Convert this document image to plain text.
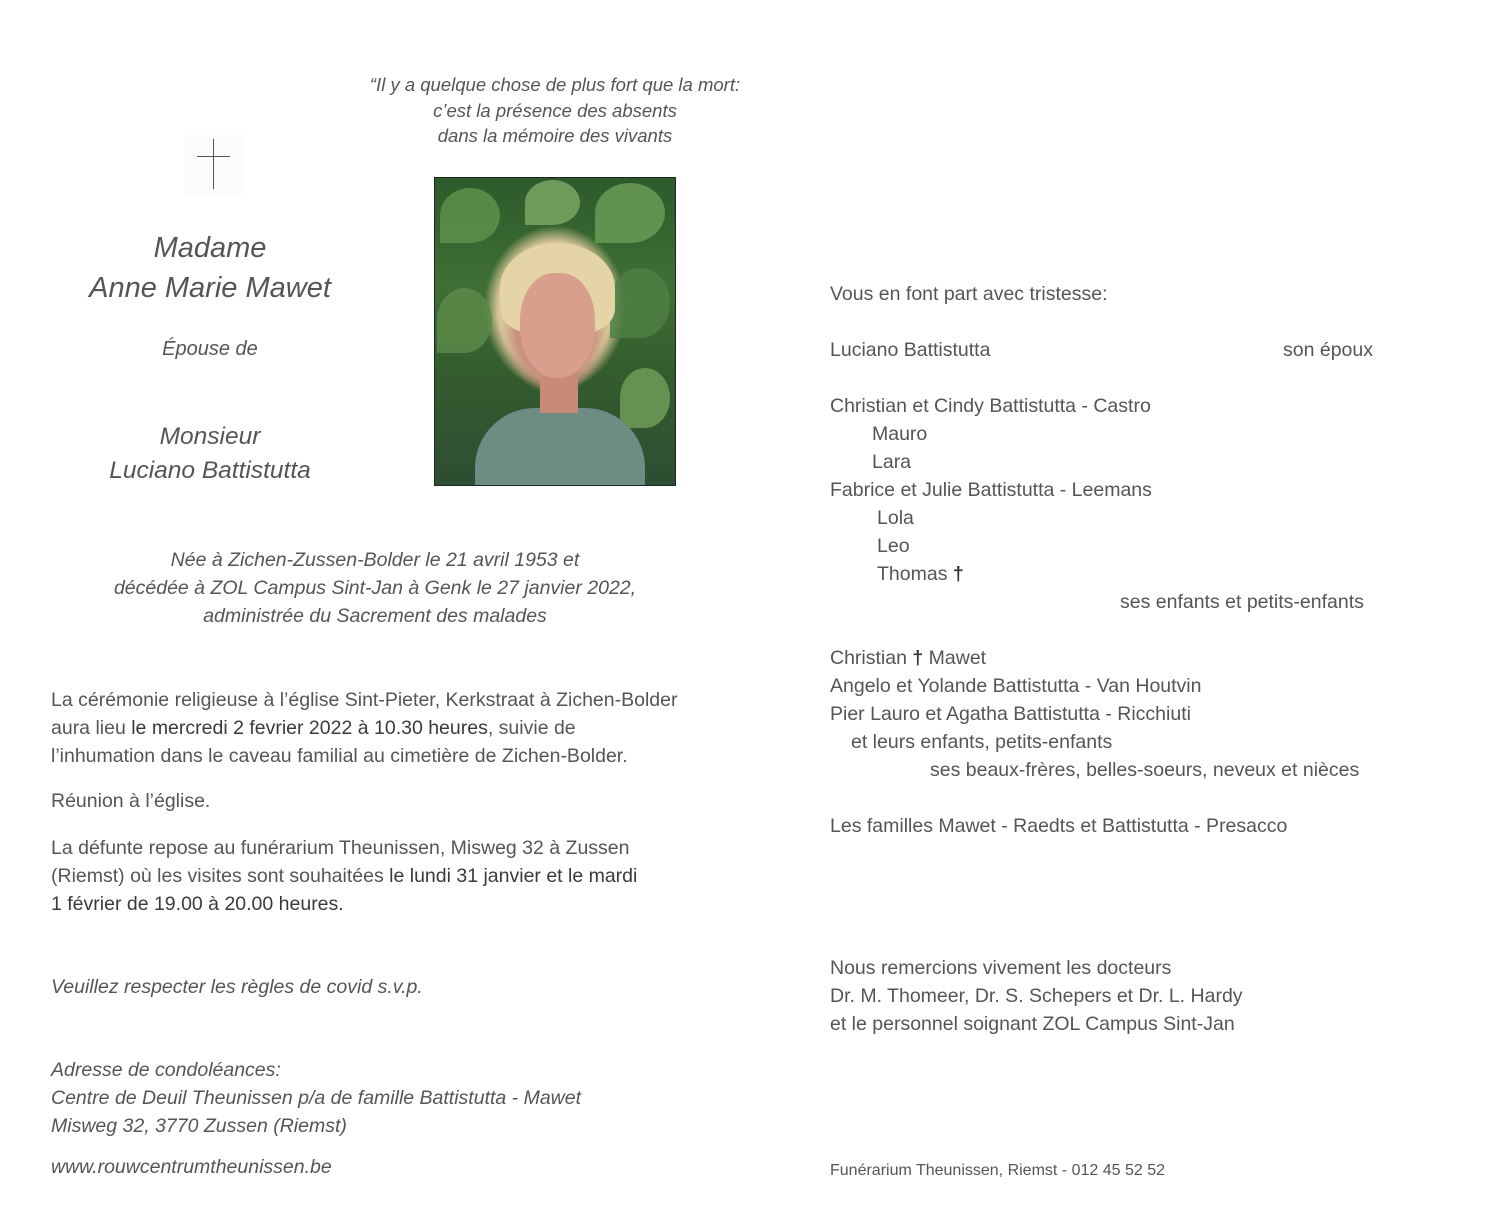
“Il y a quelque chose de plus fort que la mort:
c’est la présence des absents
dans la mémoire des vivants
Madame
Anne Marie Mawet
Épouse de
Monsieur
Luciano Battistutta
Née à Zichen-Zussen-Bolder le 21 avril 1953 et
décédée à ZOL Campus Sint-Jan à Genk le 27 janvier 2022,
administrée du Sacrement des malades
La cérémonie religieuse à l’église Sint-Pieter, Kerkstraat à Zichen-Bolder
aura lieu le mercredi 2 fevrier 2022 à 10.30 heures, suivie de
l’inhumation dans le caveau familial au cimetière de Zichen-Bolder.
Réunion à l’église.
La défunte repose au funérarium Theunissen, Misweg 32 à Zussen
(Riemst) où les visites sont souhaitées le lundi 31 janvier et le mardi
1 février de 19.00 à 20.00 heures.
Veuillez respecter les règles de covid s.v.p.
Adresse de condoléances:
Centre de Deuil Theunissen p/a de famille Battistutta - Mawet
Misweg 32, 3770 Zussen (Riemst)
www.rouwcentrumtheunissen.be
Vous en font part avec tristesse:
Luciano Battistutta	son époux
Christian et Cindy Battistutta - Castro
Mauro
Lara
Fabrice et Julie Battistutta - Leemans
Lola
Leo
Thomas †
ses enfants et petits-enfants
Christian † Mawet
Angelo et Yolande Battistutta - Van Houtvin
Pier Lauro et Agatha Battistutta - Ricchiuti
et leurs enfants, petits-enfants
ses beaux-frères, belles-soeurs, neveux et nièces
Les familles Mawet - Raedts et Battistutta - Presacco
Nous remercions vivement les docteurs
Dr. M. Thomeer, Dr. S. Schepers et Dr. L. Hardy
et le personnel soignant ZOL Campus Sint-Jan
Funérarium Theunissen, Riemst - 012 45 52 52
